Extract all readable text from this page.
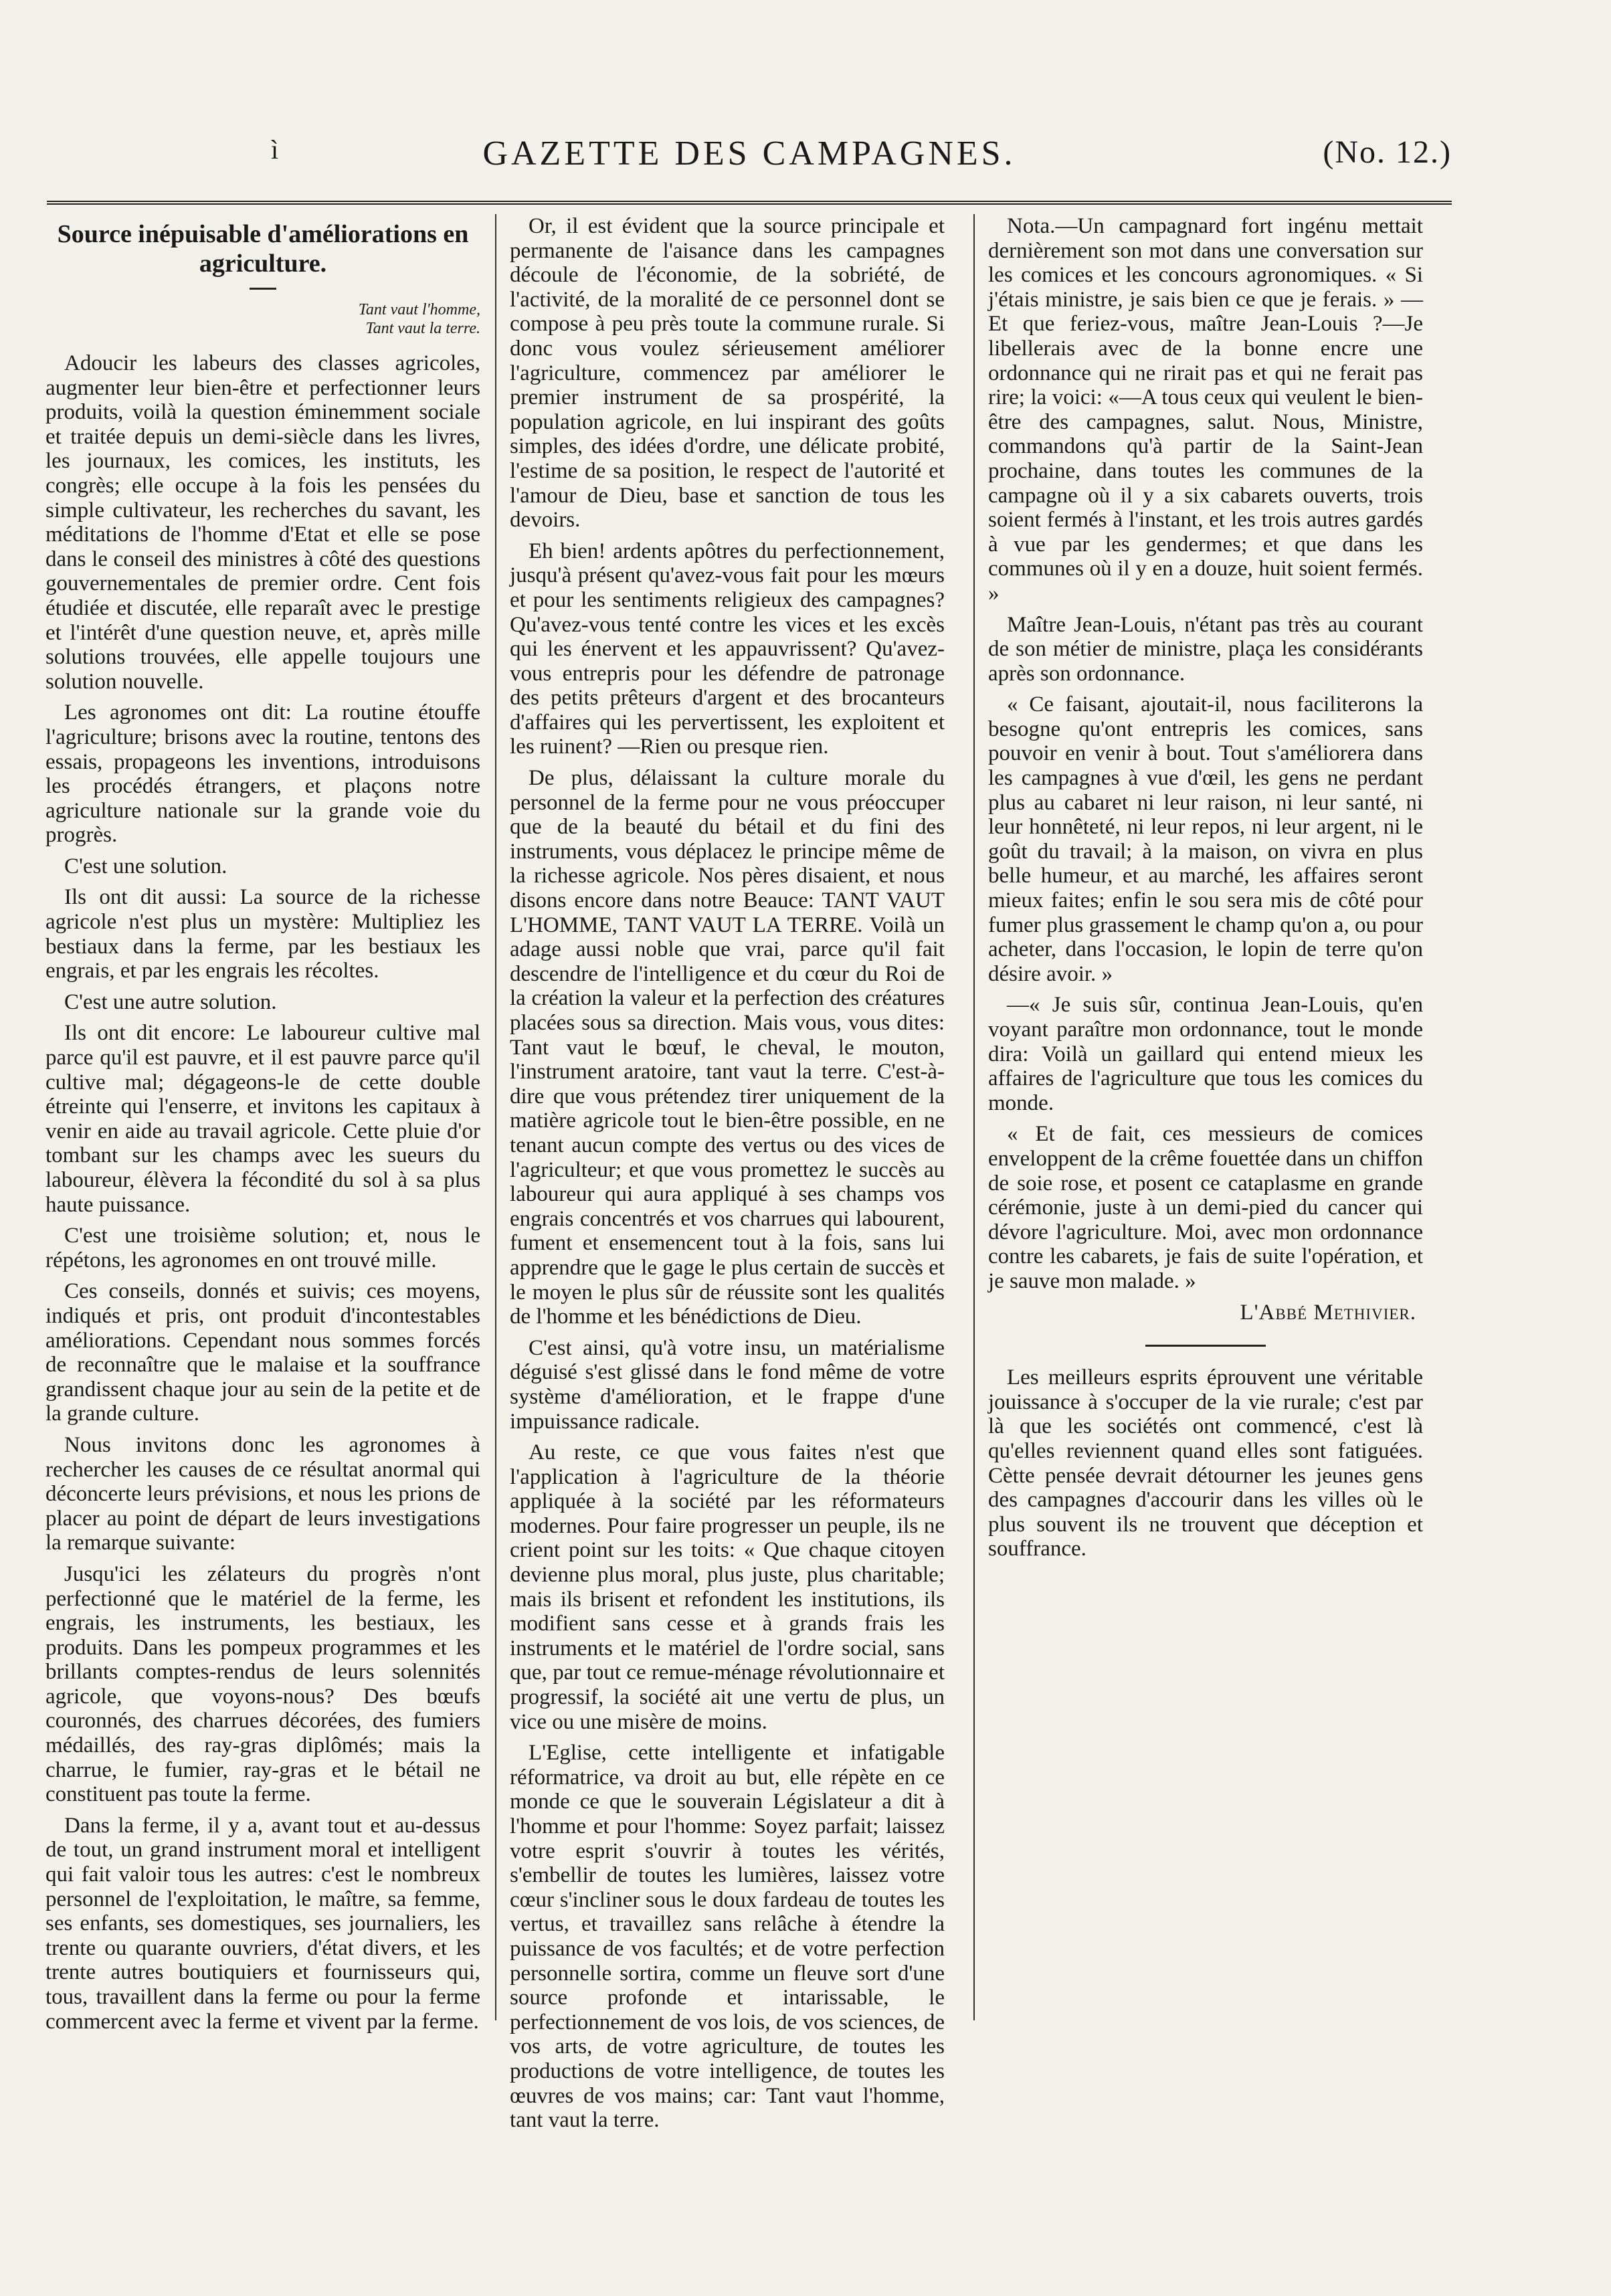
ì	GAZETTE DES CAMPAGNES.	(No. 12.)
Source inépuisable d'améliorations en agriculture.
Tant vaut l'homme,
Tant vaut la terre.

Adoucir les labeurs des classes agricoles, augmenter leur bien-être et perfectionner leurs produits, voilà la question éminemment sociale et traitée depuis un demi-siècle dans les livres, les journaux, les comices, les instituts, les congrès; elle occupe à la fois les pensées du simple cultivateur, les recherches du savant, les méditations de l'homme d'Etat et elle se pose dans le conseil des ministres à côté des questions gouvernementales de premier ordre. Cent fois étudiée et discutée, elle reparaît avec le prestige et l'intérêt d'une question neuve, et, après mille solutions trouvées, elle appelle toujours une solution nouvelle.

Les agronomes ont dit: La routine étouffe l'agriculture; brisons avec la routine, tentons des essais, propageons les inventions, introduisons les procédés étrangers, et plaçons notre agriculture nationale sur la grande voie du progrès.

C'est une solution.

Ils ont dit aussi: La source de la richesse agricole n'est plus un mystère: Multipliez les bestiaux dans la ferme, par les bestiaux les engrais, et par les engrais les récoltes.

C'est une autre solution.

Ils ont dit encore: Le laboureur cultive mal parce qu'il est pauvre, et il est pauvre parce qu'il cultive mal; dégageons-le de cette double étreinte qui l'enserre, et invitons les capitaux à venir en aide au travail agricole. Cette pluie d'or tombant sur les champs avec les sueurs du laboureur, élèvera la fécondité du sol à sa plus haute puissance.

C'est une troisième solution; et, nous le répétons, les agronomes en ont trouvé mille.

Ces conseils, donnés et suivis; ces moyens, indiqués et pris, ont produit d'incontestables améliorations. Cependant nous sommes forcés de reconnaître que le malaise et la souffrance grandissent chaque jour au sein de la petite et de la grande culture.

Nous invitons donc les agronomes à rechercher les causes de ce résultat anormal qui déconcerte leurs prévisions, et nous les prions de placer au point de départ de leurs investigations la remarque suivante:

Jusqu'ici les zélateurs du progrès n'ont perfectionné que le matériel de la ferme, les engrais, les instruments, les bestiaux, les produits. Dans les pompeux programmes et les brillants comptes-rendus de leurs solennités agricole, que voyons-nous? Des bœufs couronnés, des charrues décorées, des fumiers médaillés, des ray-gras diplômés; mais la charrue, le fumier, ray-gras et le bétail ne constituent pas toute la ferme.

Dans la ferme, il y a, avant tout et au-dessus de tout, un grand instrument moral et intelligent qui fait valoir tous les autres: c'est le nombreux personnel de l'exploitation, le maître, sa femme, ses enfants, ses domestiques, ses journaliers, les trente ou quarante ouvriers, d'état divers, et les trente autres boutiquiers et fournisseurs qui, tous, travaillent dans la ferme ou pour la ferme commercent avec la ferme et vivent par la ferme.

Or, il est évident que la source principale et permanente de l'aisance dans les campagnes découle de l'économie, de la sobriété, de l'activité, de la moralité de ce personnel dont se compose à peu près toute la commune rurale. Si donc vous voulez sérieusement améliorer l'agriculture, commencez par améliorer le premier instrument de sa prospérité, la population agricole, en lui inspirant des goûts simples, des idées d'ordre, une délicate probité, l'estime de sa position, le respect de l'autorité et l'amour de Dieu, base et sanction de tous les devoirs.

Eh bien! ardents apôtres du perfectionnement, jusqu'à présent qu'avez-vous fait pour les mœurs et pour les sentiments religieux des campagnes? Qu'avez-vous tenté contre les vices et les excès qui les énervent et les appauvrissent? Qu'avez-vous entrepris pour les défendre de patronage des petits prêteurs d'argent et des brocanteurs d'affaires qui les pervertissent, les exploitent et les ruinent? —Rien ou presque rien.

De plus, délaissant la culture morale du personnel de la ferme pour ne vous préoccuper que de la beauté du bétail et du fini des instruments, vous déplacez le principe même de la richesse agricole. Nos pères disaient, et nous disons encore dans notre Beauce: TANT VAUT L'HOMME, TANT VAUT LA TERRE. Voilà un adage aussi noble que vrai, parce qu'il fait descendre de l'intelligence et du cœur du Roi de la création la valeur et la perfection des créatures placées sous sa direction. Mais vous, vous dites: Tant vaut le bœuf, le cheval, le mouton, l'instrument aratoire, tant vaut la terre. C'est-à-dire que vous prétendez tirer uniquement de la matière agricole tout le bien-être possible, en ne tenant aucun compte des vertus ou des vices de l'agriculteur; et que vous promettez le succès au laboureur qui aura appliqué à ses champs vos engrais concentrés et vos charrues qui labourent, fument et ensemencent tout à la fois, sans lui apprendre que le gage le plus certain de succès et le moyen le plus sûr de réussite sont les qualités de l'homme et les bénédictions de Dieu.

C'est ainsi, qu'à votre insu, un matérialisme déguisé s'est glissé dans le fond même de votre système d'amélioration, et le frappe d'une impuissance radicale.

Au reste, ce que vous faites n'est que l'application à l'agriculture de la théorie appliquée à la société par les réformateurs modernes. Pour faire progresser un peuple, ils ne crient point sur les toits: « Que chaque citoyen devienne plus moral, plus juste, plus charitable; mais ils brisent et refondent les institutions, ils modifient sans cesse et à grands frais les instruments et le matériel de l'ordre social, sans que, par tout ce remue-ménage révolutionnaire et progressif, la société ait une vertu de plus, un vice ou une misère de moins.

L'Eglise, cette intelligente et infatigable réformatrice, va droit au but, elle répète en ce monde ce que le souverain Législateur a dit à l'homme et pour l'homme: Soyez parfait; laissez votre esprit s'ouvrir à toutes les vérités, s'embellir de toutes les lumières, laissez votre cœur s'incliner sous le doux fardeau de toutes les vertus, et travaillez sans relâche à étendre la puissance de vos facultés; et de votre perfection personnelle sortira, comme un fleuve sort d'une source profonde et intarissable, le perfectionnement de vos lois, de vos sciences, de vos arts, de votre agriculture, de toutes les productions de votre intelligence, de toutes les œuvres de vos mains; car: Tant vaut l'homme, tant vaut la terre.

Nota.—Un campagnard fort ingénu mettait dernièrement son mot dans une conversation sur les comices et les concours agronomiques. « Si j'étais ministre, je sais bien ce que je ferais. » —Et que feriez-vous, maître Jean-Louis ?—Je libellerais avec de la bonne encre une ordonnance qui ne rirait pas et qui ne ferait pas rire; la voici: «—A tous ceux qui veulent le bien-être des campagnes, salut. Nous, Ministre, commandons qu'à partir de la Saint-Jean prochaine, dans toutes les communes de la campagne où il y a six cabarets ouverts, trois soient fermés à l'instant, et les trois autres gardés à vue par les gendermes; et que dans les communes où il y en a douze, huit soient fermés. »

Maître Jean-Louis, n'étant pas très au courant de son métier de ministre, plaça les considérants après son ordonnance.

« Ce faisant, ajoutait-il, nous faciliterons la besogne qu'ont entrepris les comices, sans pouvoir en venir à bout. Tout s'améliorera dans les campagnes à vue d'œil, les gens ne perdant plus au cabaret ni leur raison, ni leur santé, ni leur honnêteté, ni leur repos, ni leur argent, ni le goût du travail; à la maison, on vivra en plus belle humeur, et au marché, les affaires seront mieux faites; enfin le sou sera mis de côté pour fumer plus grassement le champ qu'on a, ou pour acheter, dans l'occasion, le lopin de terre qu'on désire avoir. »

—« Je suis sûr, continua Jean-Louis, qu'en voyant paraître mon ordonnance, tout le monde dira: Voilà un gaillard qui entend mieux les affaires de l'agriculture que tous les comices du monde.

« Et de fait, ces messieurs de comices enveloppent de la crême fouettée dans un chiffon de soie rose, et posent ce cataplasme en grande cérémonie, juste à un demi-pied du cancer qui dévore l'agriculture. Moi, avec mon ordonnance contre les cabarets, je fais de suite l'opération, et je sauve mon malade. »

L'Abbé Methivier.

Les meilleurs esprits éprouvent une véritable jouissance à s'occuper de la vie rurale; c'est par là que les sociétés ont commencé, c'est là qu'elles reviennent quand elles sont fatiguées. Cètte pensée devrait détourner les jeunes gens des campagnes d'accourir dans les villes où le plus souvent ils ne trouvent que déception et souffrance.
